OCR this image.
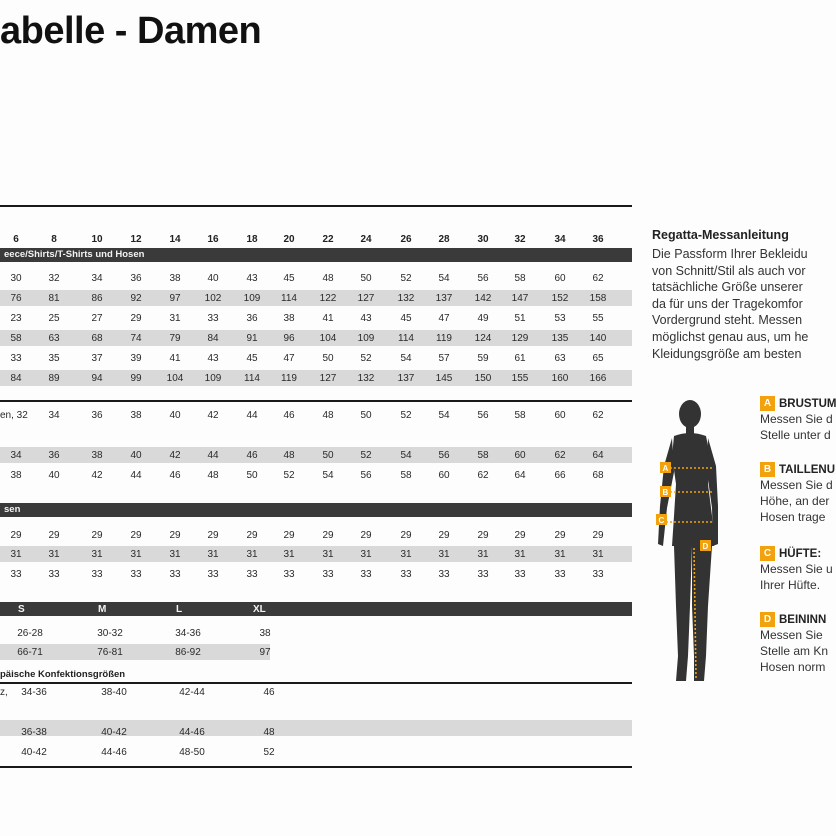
abelle - Damen
6	8	10	12	14	16	18	20	22	24	26	28	30	32	34	36
eece/Shirts/T-Shirts und Hosen
30	32	34	36	38	40	43	45	48	50	52	54	56	58	60	62
76	81	86	92	97 102 109 114 122 127 132 137 142 147 152 158
23	25	27	29	31	33	36	38	41	43	45	47	49	51	53	55
58	63	68	74	79	84	91	96	104 109 114 119 124 129 135 140
33	35	37	39	41	43	45	47	50	52	54	57	59	61	63	65
84	89	94	99	104 109 114 119 127 132 137 145 150 155 160 166
en, 32 34	36	38	40	42	44	46	48	50	52	54	56	58	60	62
34	36	38	40	42	44	46	48	50	52	54	56	58	60	62	64
38	40	42	44	46	48	50	52	54	56	58	60	62	64	66	68
sen
29	29	29	29	29	29	29	29	29	29	29	29	29	29	29	29
31	31	31	31	31	31	31	31	31	31	31	31	31	31	31	31
33	33	33	33	33	33	33	33	33	33	33	33	33	33	33	33
S	M	L	XL
26-28	30-32	34-36	38
66-71	76-81	86-92	97
päische Konfektionsgrößen
z, 34-36	38-40	42-44	46
36-38	40-42	44-46	48
40-42	44-46	48-50	52
Regatta-Messanleitung

Die Passform Ihrer Bekleidu

von Schnitt/Stil als auch vor

tatsächliche Größe unserer

da für uns der Tragekomfor

Vordergrund steht. Messen

möglichst genau aus, um he

Kleidungsgröße am besten

A
B
C
D
A BRUSTUM
Messen Sie d
Stelle unter d
B TAILLENU
Messen Sie d
Höhe, an der
Hosen trage
C HÜFTE:
Messen Sie u
Ihrer Hüfte.
D BEININN
Messen Sie
Stelle am Kn
Hosen norm
